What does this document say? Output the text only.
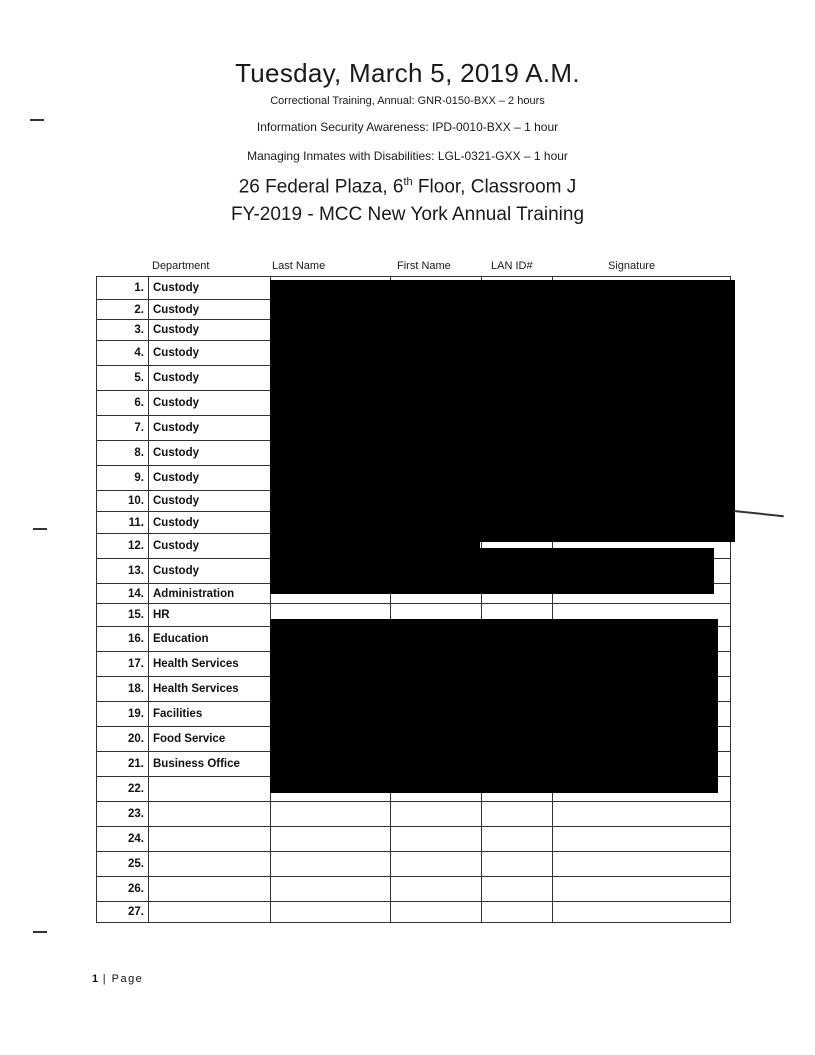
Tuesday, March 5, 2019 A.M.
Correctional Training, Annual: GNR-0150-BXX – 2 hours
Information Security Awareness: IPD-0010-BXX – 1 hour
Managing Inmates with Disabilities: LGL-0321-GXX – 1 hour
26 Federal Plaza, 6th Floor, Classroom J
FY-2019 - MCC New York Annual Training
Department	Last Name	First Name	LAN ID#	Signature
1.	Custody				
2.	Custody				
3.	Custody				
4.	Custody				
5.	Custody				
6.	Custody				
7.	Custody				
8.	Custody				
9.	Custody				
10.	Custody				
11.	Custody				
12.	Custody				
13.	Custody				
14.	Administration				
15.	HR				
16.	Education				
17.	Health Services				
18.	Health Services				
19.	Facilities				
20.	Food Service				
21.	Business Office				
22.					
23.					
24.					
25.					
26.					
27.					
1 | Page
